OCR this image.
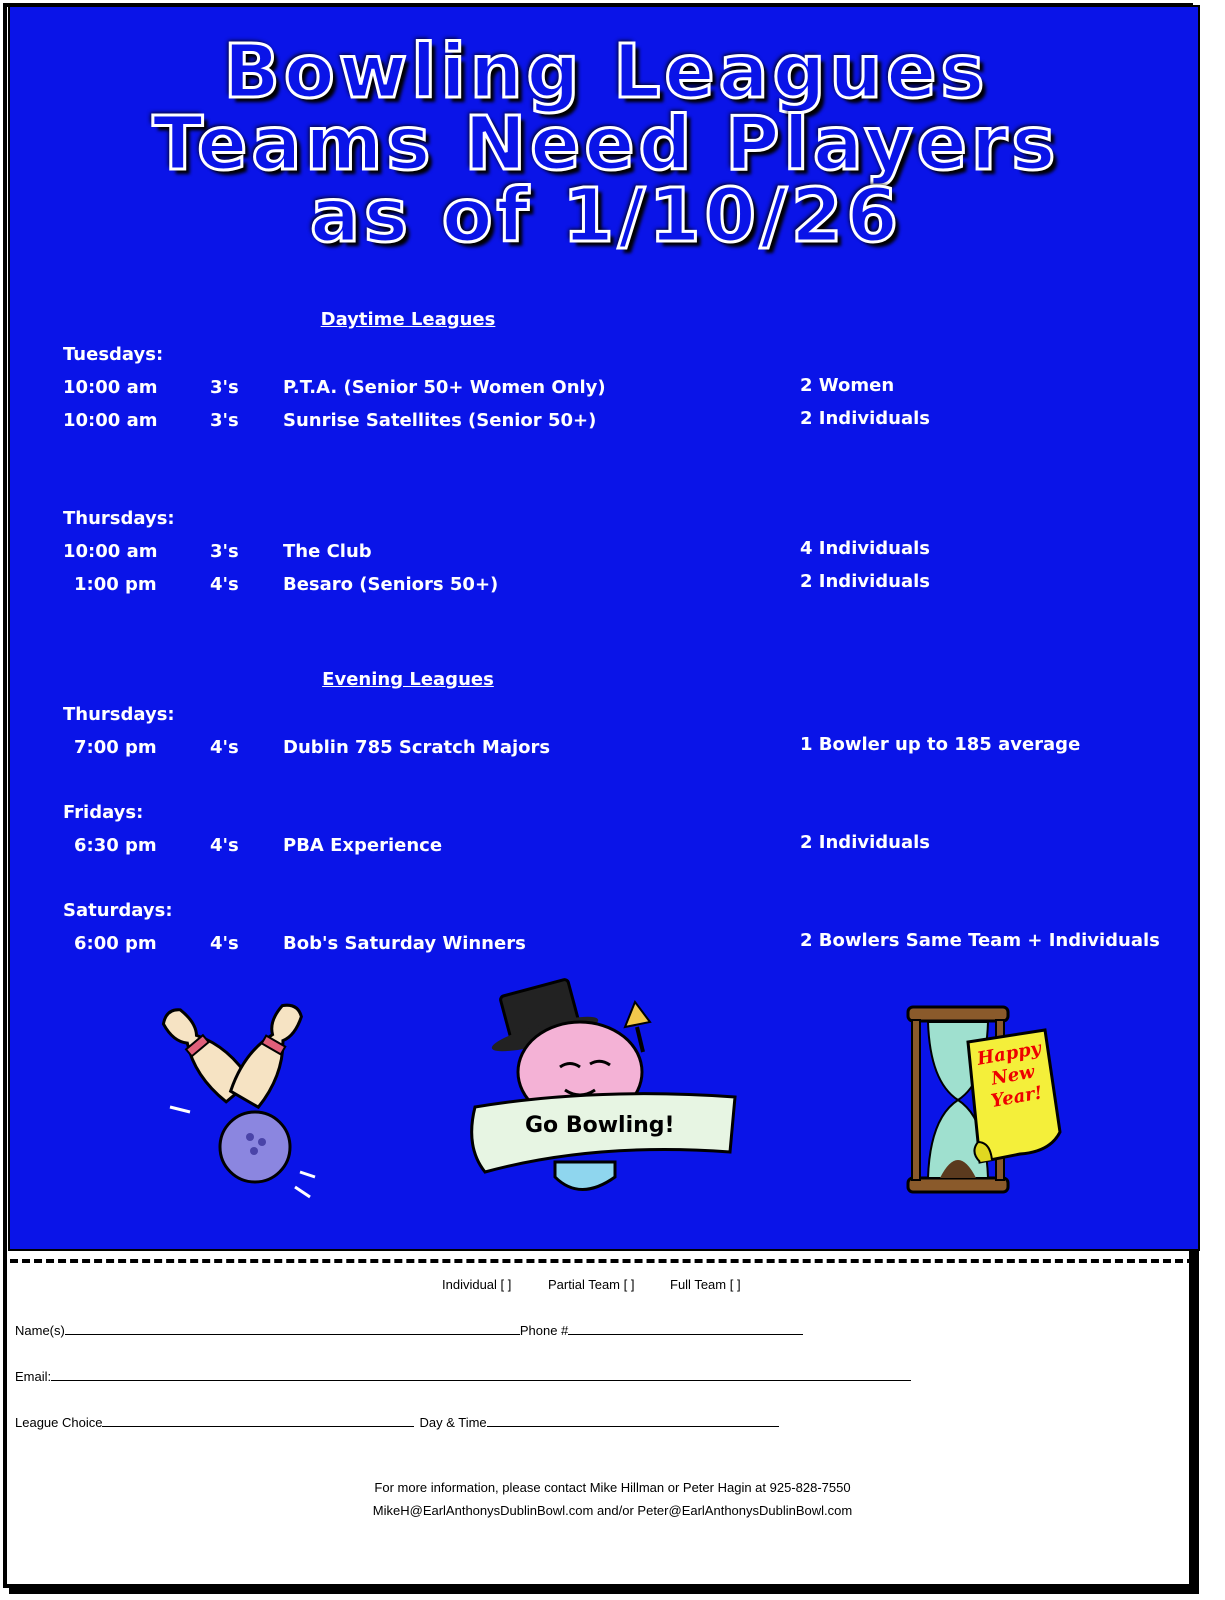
Bowling Leagues
Teams Need Players
as of 1/10/26
Daytime Leagues
Tuesdays:
10:00 am	3's P.T.A. (Senior 50+ Women Only)	2 Women
10:00 am	3's Sunrise Satellites (Senior 50+)	2 Individuals
Thursdays:
10:00 am	3's The Club	4 Individuals
1:00 pm	4's Besaro (Seniors 50+)	2 Individuals
Evening Leagues
Thursdays:
7:00 pm	4's Dublin 785 Scratch Majors	1 Bowler up to 185 average
Fridays:
6:30 pm	4's PBA Experience	2 Individuals
Saturdays:
6:00 pm	4's Bob's Saturday Winners	2 Bowlers Same Team + Individuals
Go Bowling!
Happy New Year!
Individual [ ]	Partial Team [ ]	Full Team [ ]
Name(s)	Phone #
Email:
League Choice	Day & Time
For more information, please contact Mike Hillman or Peter Hagin at 925-828-7550
MikeH@EarlAnthonysDublinBowl.com and/or Peter@EarlAnthonysDublinBowl.com
